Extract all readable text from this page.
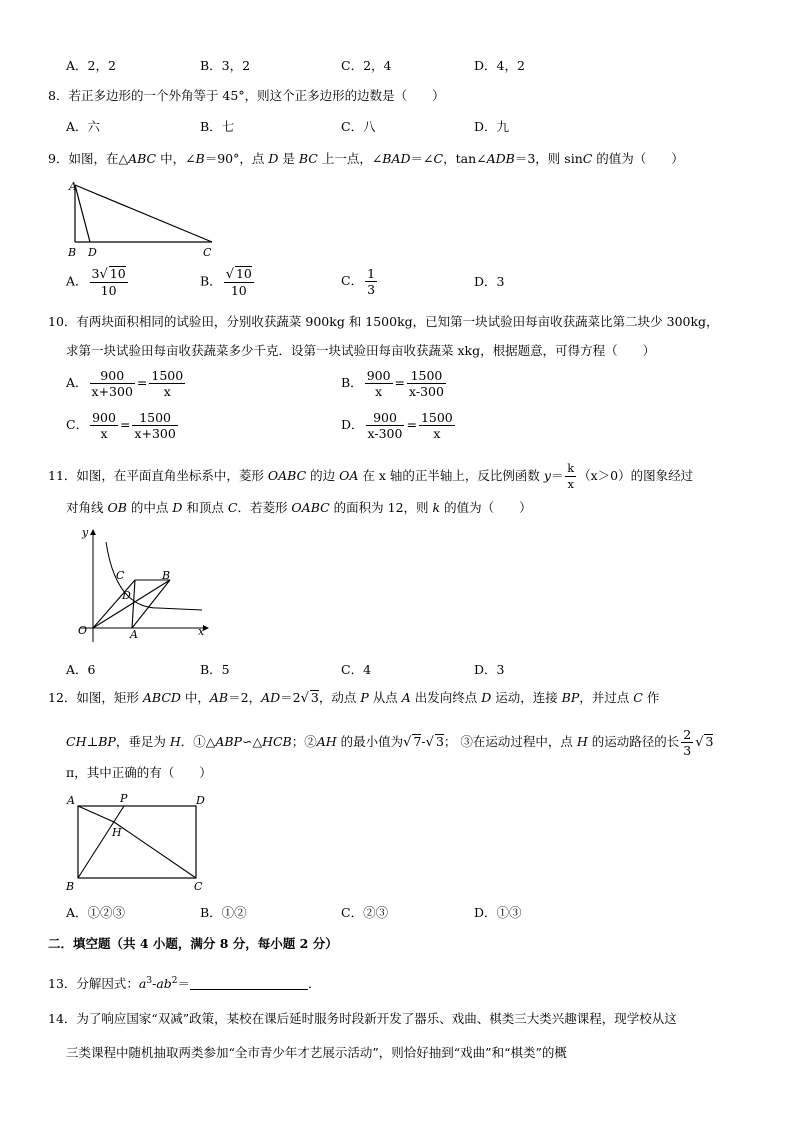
A．2，2	B．3，2	C．2，4	D．4，2
8．若正多边形的一个外角等于 45°，则这个正多边形的边数是（　　）
A．六	B．七	C．八	D．九
9．如图，在△ABC 中，∠B＝90°，点 D 是 BC 上一点，∠BAD＝∠C，tan∠ADB＝3，则 sinC 的值为（　　）
A
B D	C
A． $\frac{3√ 10}{10}$	B． $\frac{√ 10}{10}$	C． $\frac{1}{3}$	D．3
10．有两块面积相同的试验田，分别收获蔬菜 900kg 和 1500kg，已知第一块试验田每亩收获蔬菜比第二块少 300kg，
求第一块试验田每亩收获蔬菜多少千克．设第一块试验田每亩收获蔬菜 xkg，根据题意，可得方程（　　）
A． $\frac{900}{x+300} = \frac{1500}{x}$	B． $\frac{900}{x} = \frac{1500}{x-300}$
C． $\frac{900}{x} = \frac{1500}{x+300}$	D． $\frac{900}{x-300} = \frac{1500}{x}$
11．如图，在平面直角坐标系中，菱形 OABC 的边 OA 在 x 轴的正半轴上，反比例函数 $y= \frac{k}{x} (x>0)$的图象经过
对角线 OB 的中点 D 和顶点 C．若菱形 OABC 的面积为 12，则 k 的值为（　　）
y
x
O	A
B
C
D
A．6	B．5	C．4	D．3
12．如图，矩形 ABCD 中，AB＝2，AD＝2√ 3，动点 P 从点 A 出发向终点 D 运动，连接 BP，并过点 C 作
CH⊥BP，垂足为 H．①△ABP∽△HCB；②AH 的最小值为√ 7-√ 3； ③在运动过程中，点 H 的运动路径的长 $\frac{2}{3}$ √ 3
π，其中正确的有（　　）
A	P	D
H
B	C
A．①②③	B．①②	C．②③	D．①③
二．填空题（共 4 小题，满分 8 分，每小题 2 分）
13．分解因式：$a^3-ab^2=$	．
14．为了响应国家“双减”政策，某校在课后延时服务时段新开发了器乐、戏曲、棋类三大类兴趣课程，现学校从这
三类课程中随机抽取两类参加“全市青少年才艺展示活动”，则恰好抽到“戏曲”和“棋类”的概
